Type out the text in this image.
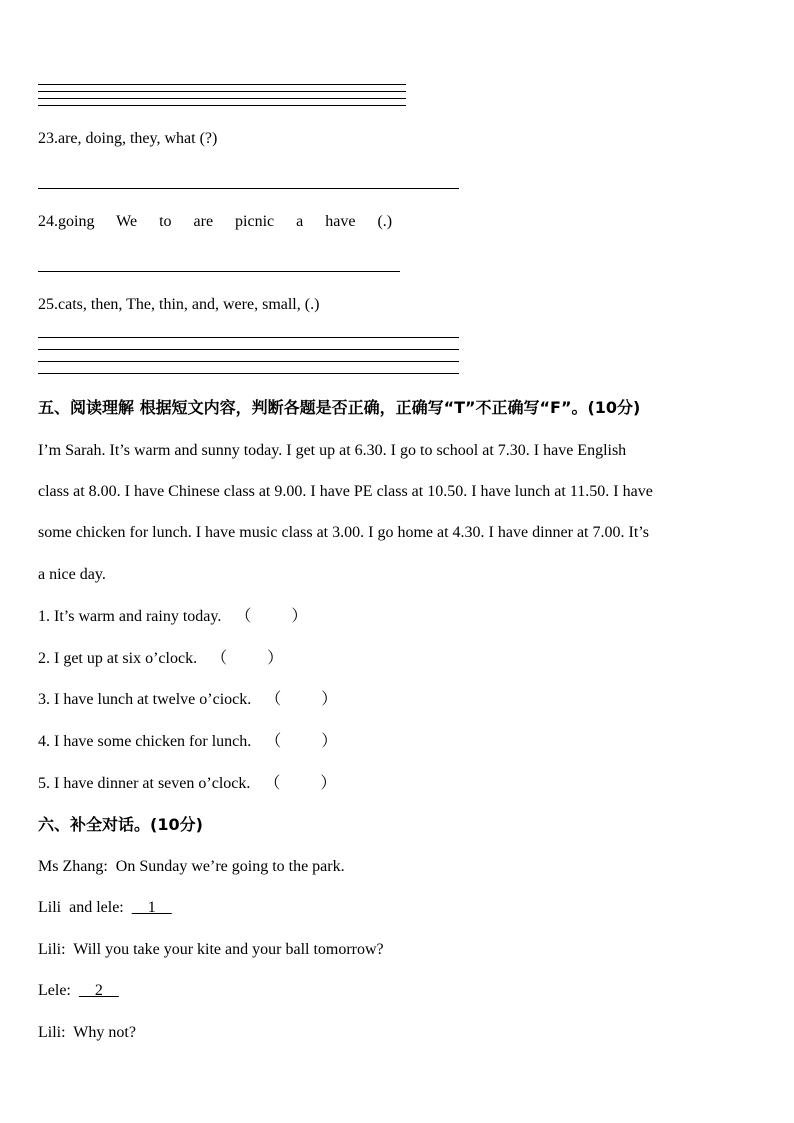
23.are, doing, they, what (?)
24.going We to are picnic a have (.)
25.cats, then, The, thin, and, were, small, (.)
五、阅读理解 根据短文内容，判断各题是否正确，正确写“T”不正确写“F”。(10分)
I’m Sarah. It’s warm and sunny today. I get up at 6.30. I go to school at 7.30. I have English
class at 8.00. I have Chinese class at 9.00. I have PE class at 10.50. I have lunch at 11.50. I have
some chicken for lunch. I have music class at 3.00. I go home at 4.30. I have dinner at 7.00. It’s
a nice day.
1. It’s warm and rainy today. （          ）
2. I get up at six o’clock. （          ）
3. I have lunch at twelve o’ciock. （          ）
4. I have some chicken for lunch. （          ）
5. I have dinner at seven o’clock. （          ）
六、补全对话。(10分)
Ms Zhang:  On Sunday we’re going to the park.
Lili  and lele:      1
Lili:  Will you take your kite and your ball tomorrow?
Lele:      2
Lili:  Why not?
